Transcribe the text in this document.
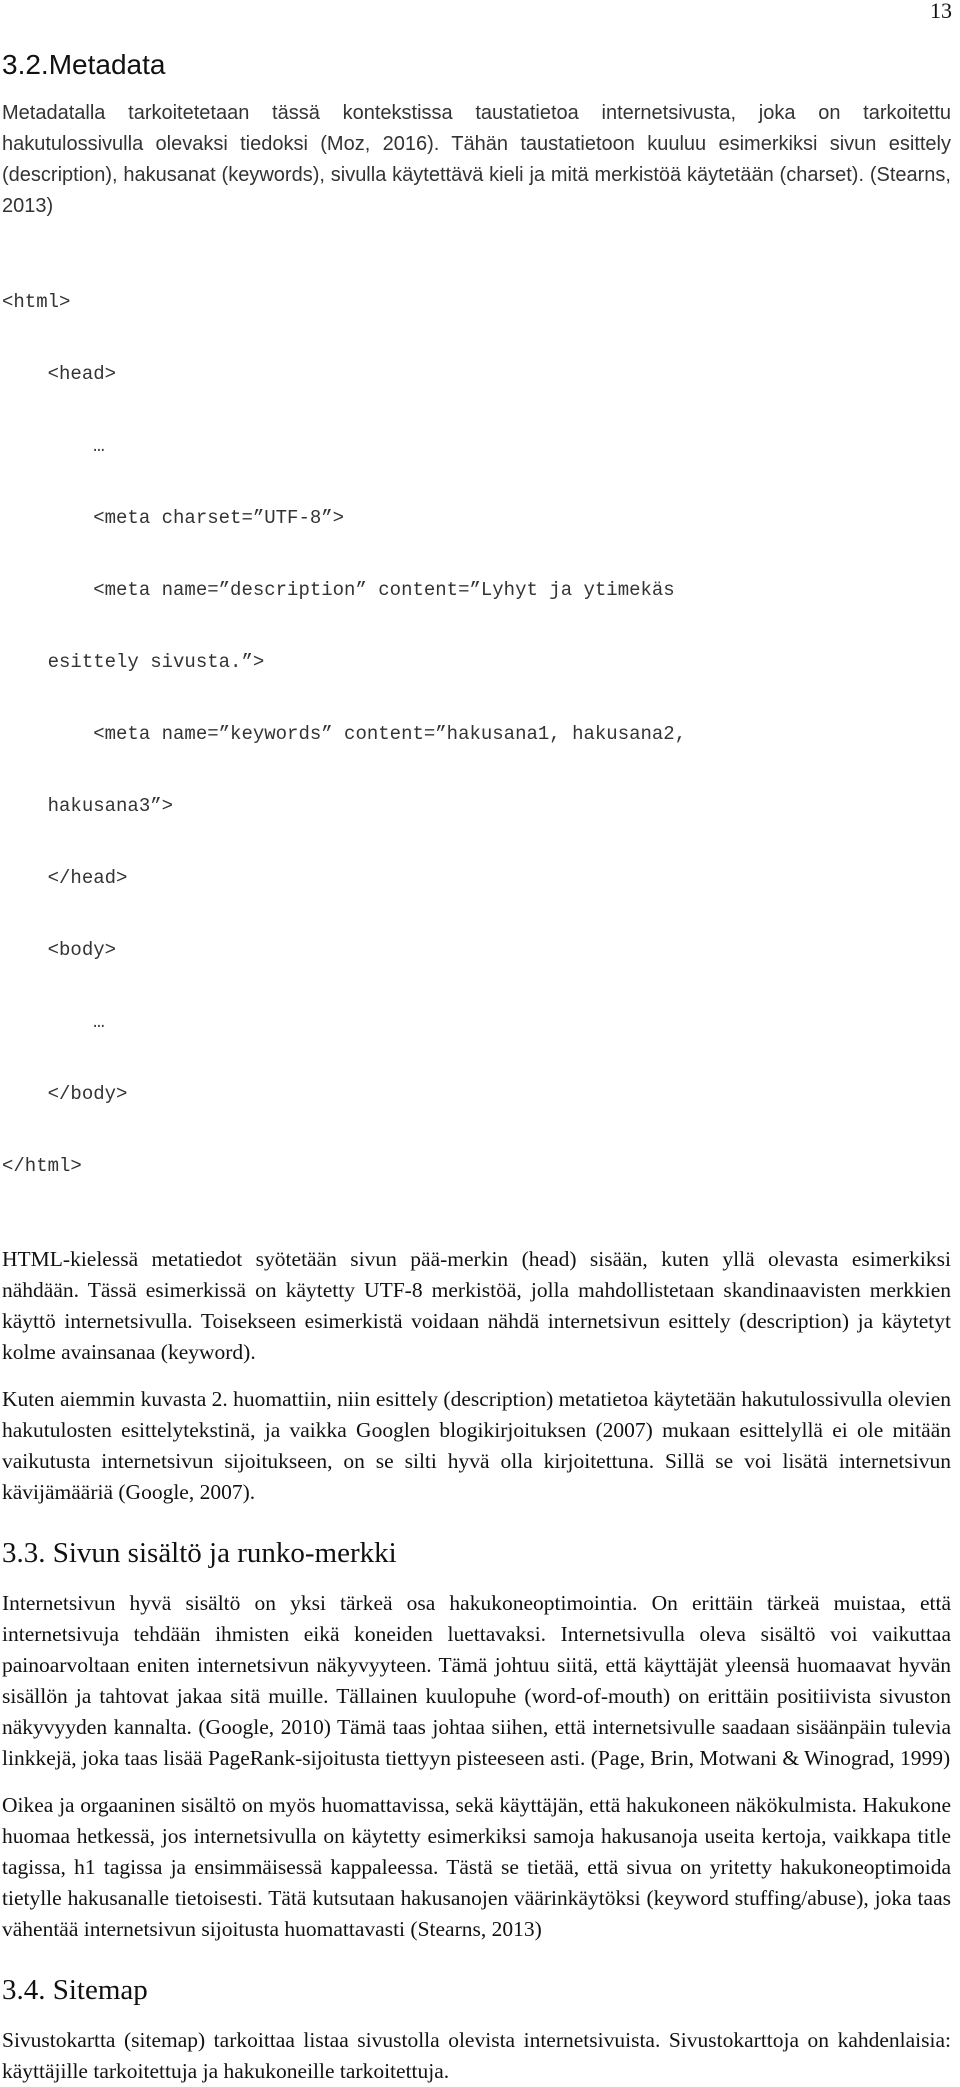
13
3.2.Metadata

Metadatalla tarkoitetetaan tässä kontekstissa taustatietoa internetsivusta, joka on tarkoitettu hakutulossivulla olevaksi tiedoksi (Moz, 2016). Tähän taustatietoon kuuluu esimerkiksi sivun esittely (description), hakusanat (keywords), sivulla käytettävä kieli ja mitä merkistöä käytetään (charset). (Stearns, 2013)

<html>

<head>

…

<meta charset=”UTF-8”>

<meta name=”description” content=”Lyhyt ja ytimekäs

esittely sivusta.”>

<meta name=”keywords” content=”hakusana1, hakusana2,

hakusana3”>

</head>

<body>

…

</body>

</html>

HTML-kielessä metatiedot syötetään sivun pää-merkin (head) sisään, kuten yllä olevasta esimerkiksi nähdään. Tässä esimerkissä on käytetty UTF-8 merkistöä, jolla mahdollistetaan skandinaavisten merkkien käyttö internetsivulla. Toisekseen esimerkistä voidaan nähdä internetsivun esittely (description) ja käytetyt kolme avainsanaa (keyword).

Kuten aiemmin kuvasta 2. huomattiin, niin esittely (description) metatietoa käytetään hakutulossivulla olevien hakutulosten esittelytekstinä, ja vaikka Googlen blogikirjoituksen (2007) mukaan esittelyllä ei ole mitään vaikutusta internetsivun sijoitukseen, on se silti hyvä olla kirjoitettuna. Sillä se voi lisätä internetsivun kävijämääriä (Google, 2007).

3.3. Sivun sisältö ja runko-merkki

Internetsivun hyvä sisältö on yksi tärkeä osa hakukoneoptimointia. On erittäin tärkeä muistaa, että internetsivuja tehdään ihmisten eikä koneiden luettavaksi. Internetsivulla oleva sisältö voi vaikuttaa painoarvoltaan eniten internetsivun näkyvyyteen. Tämä johtuu siitä, että käyttäjät yleensä huomaavat hyvän sisällön ja tahtovat jakaa sitä muille. Tällainen kuulopuhe (word-of-mouth) on erittäin positiivista sivuston näkyvyyden kannalta. (Google, 2010) Tämä taas johtaa siihen, että internetsivulle saadaan sisäänpäin tulevia linkkejä, joka taas lisää PageRank-sijoitusta tiettyyn pisteeseen asti. (Page, Brin, Motwani & Winograd, 1999)

Oikea ja orgaaninen sisältö on myös huomattavissa, sekä käyttäjän, että hakukoneen näkökulmista. Hakukone huomaa hetkessä, jos internetsivulla on käytetty esimerkiksi samoja hakusanoja useita kertoja, vaikkapa title tagissa, h1 tagissa ja ensimmäisessä kappaleessa. Tästä se tietää, että sivua on yritetty hakukoneoptimoida tietylle hakusanalle tietoisesti. Tätä kutsutaan hakusanojen väärinkäytöksi (keyword stuffing/abuse), joka taas vähentää internetsivun sijoitusta huomattavasti (Stearns, 2013)

3.4. Sitemap

Sivustokartta (sitemap) tarkoittaa listaa sivustolla olevista internetsivuista. Sivustokarttoja on kahdenlaisia: käyttäjille tarkoitettuja ja hakukoneille tarkoitettuja.
